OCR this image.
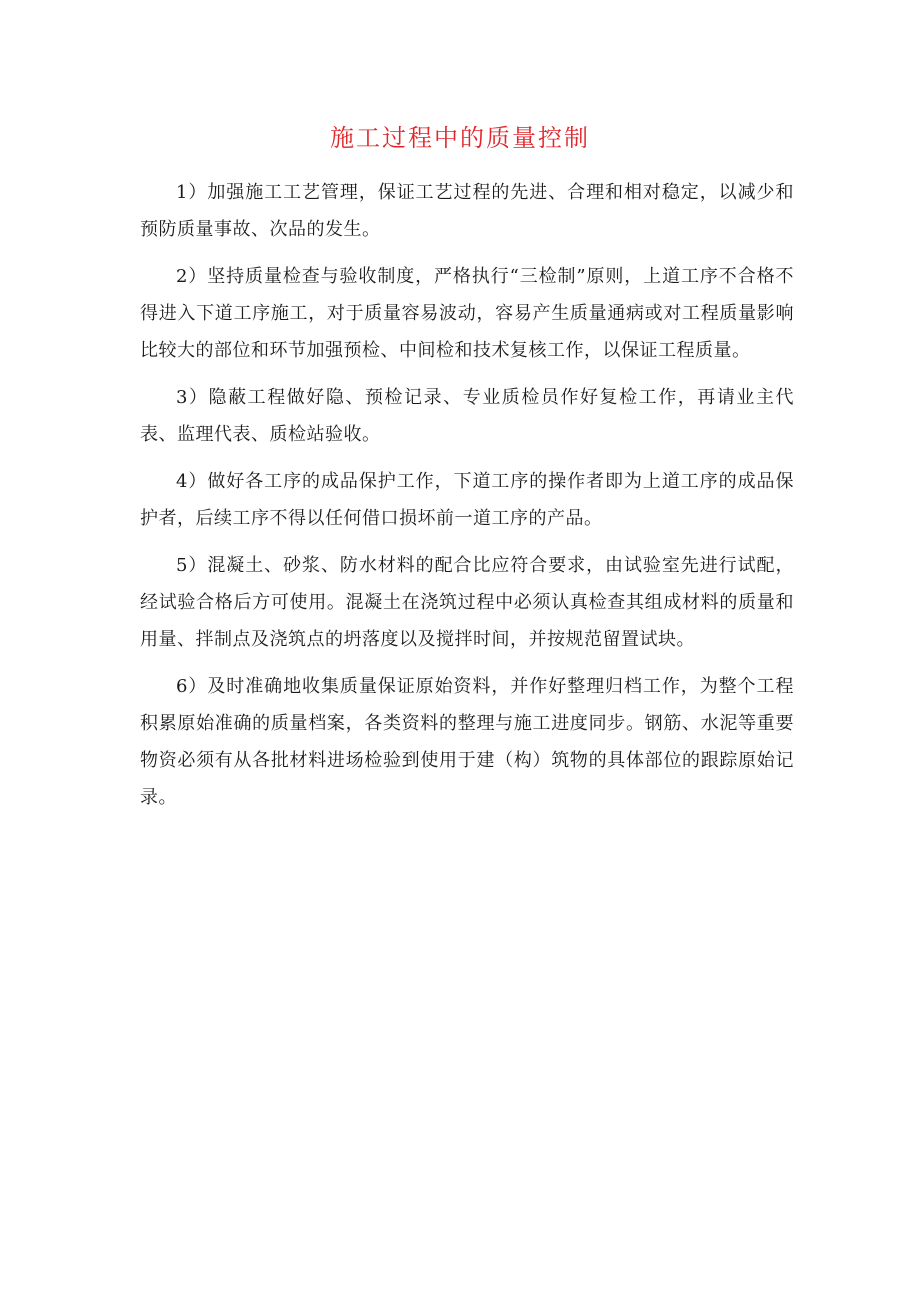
施工过程中的质量控制

1）加强施工工艺管理，保证工艺过程的先进、合理和相对稳定，以减少和预防质量事故、次品的发生。

2）坚持质量检查与验收制度，严格执行“三检制”原则，上道工序不合格不得进入下道工序施工，对于质量容易波动，容易产生质量通病或对工程质量影响比较大的部位和环节加强预检、中间检和技术复核工作，以保证工程质量。

3）隐蔽工程做好隐、预检记录、专业质检员作好复检工作，再请业主代表、监理代表、质检站验收。

4）做好各工序的成品保护工作，下道工序的操作者即为上道工序的成品保护者，后续工序不得以任何借口损坏前一道工序的产品。

5）混凝土、砂浆、防水材料的配合比应符合要求，由试验室先进行试配，经试验合格后方可使用。混凝土在浇筑过程中必须认真检查其组成材料的质量和用量、拌制点及浇筑点的坍落度以及搅拌时间，并按规范留置试块。

6）及时准确地收集质量保证原始资料，并作好整理归档工作，为整个工程积累原始准确的质量档案，各类资料的整理与施工进度同步。钢筋、水泥等重要物资必须有从各批材料进场检验到使用于建（构）筑物的具体部位的跟踪原始记录。
